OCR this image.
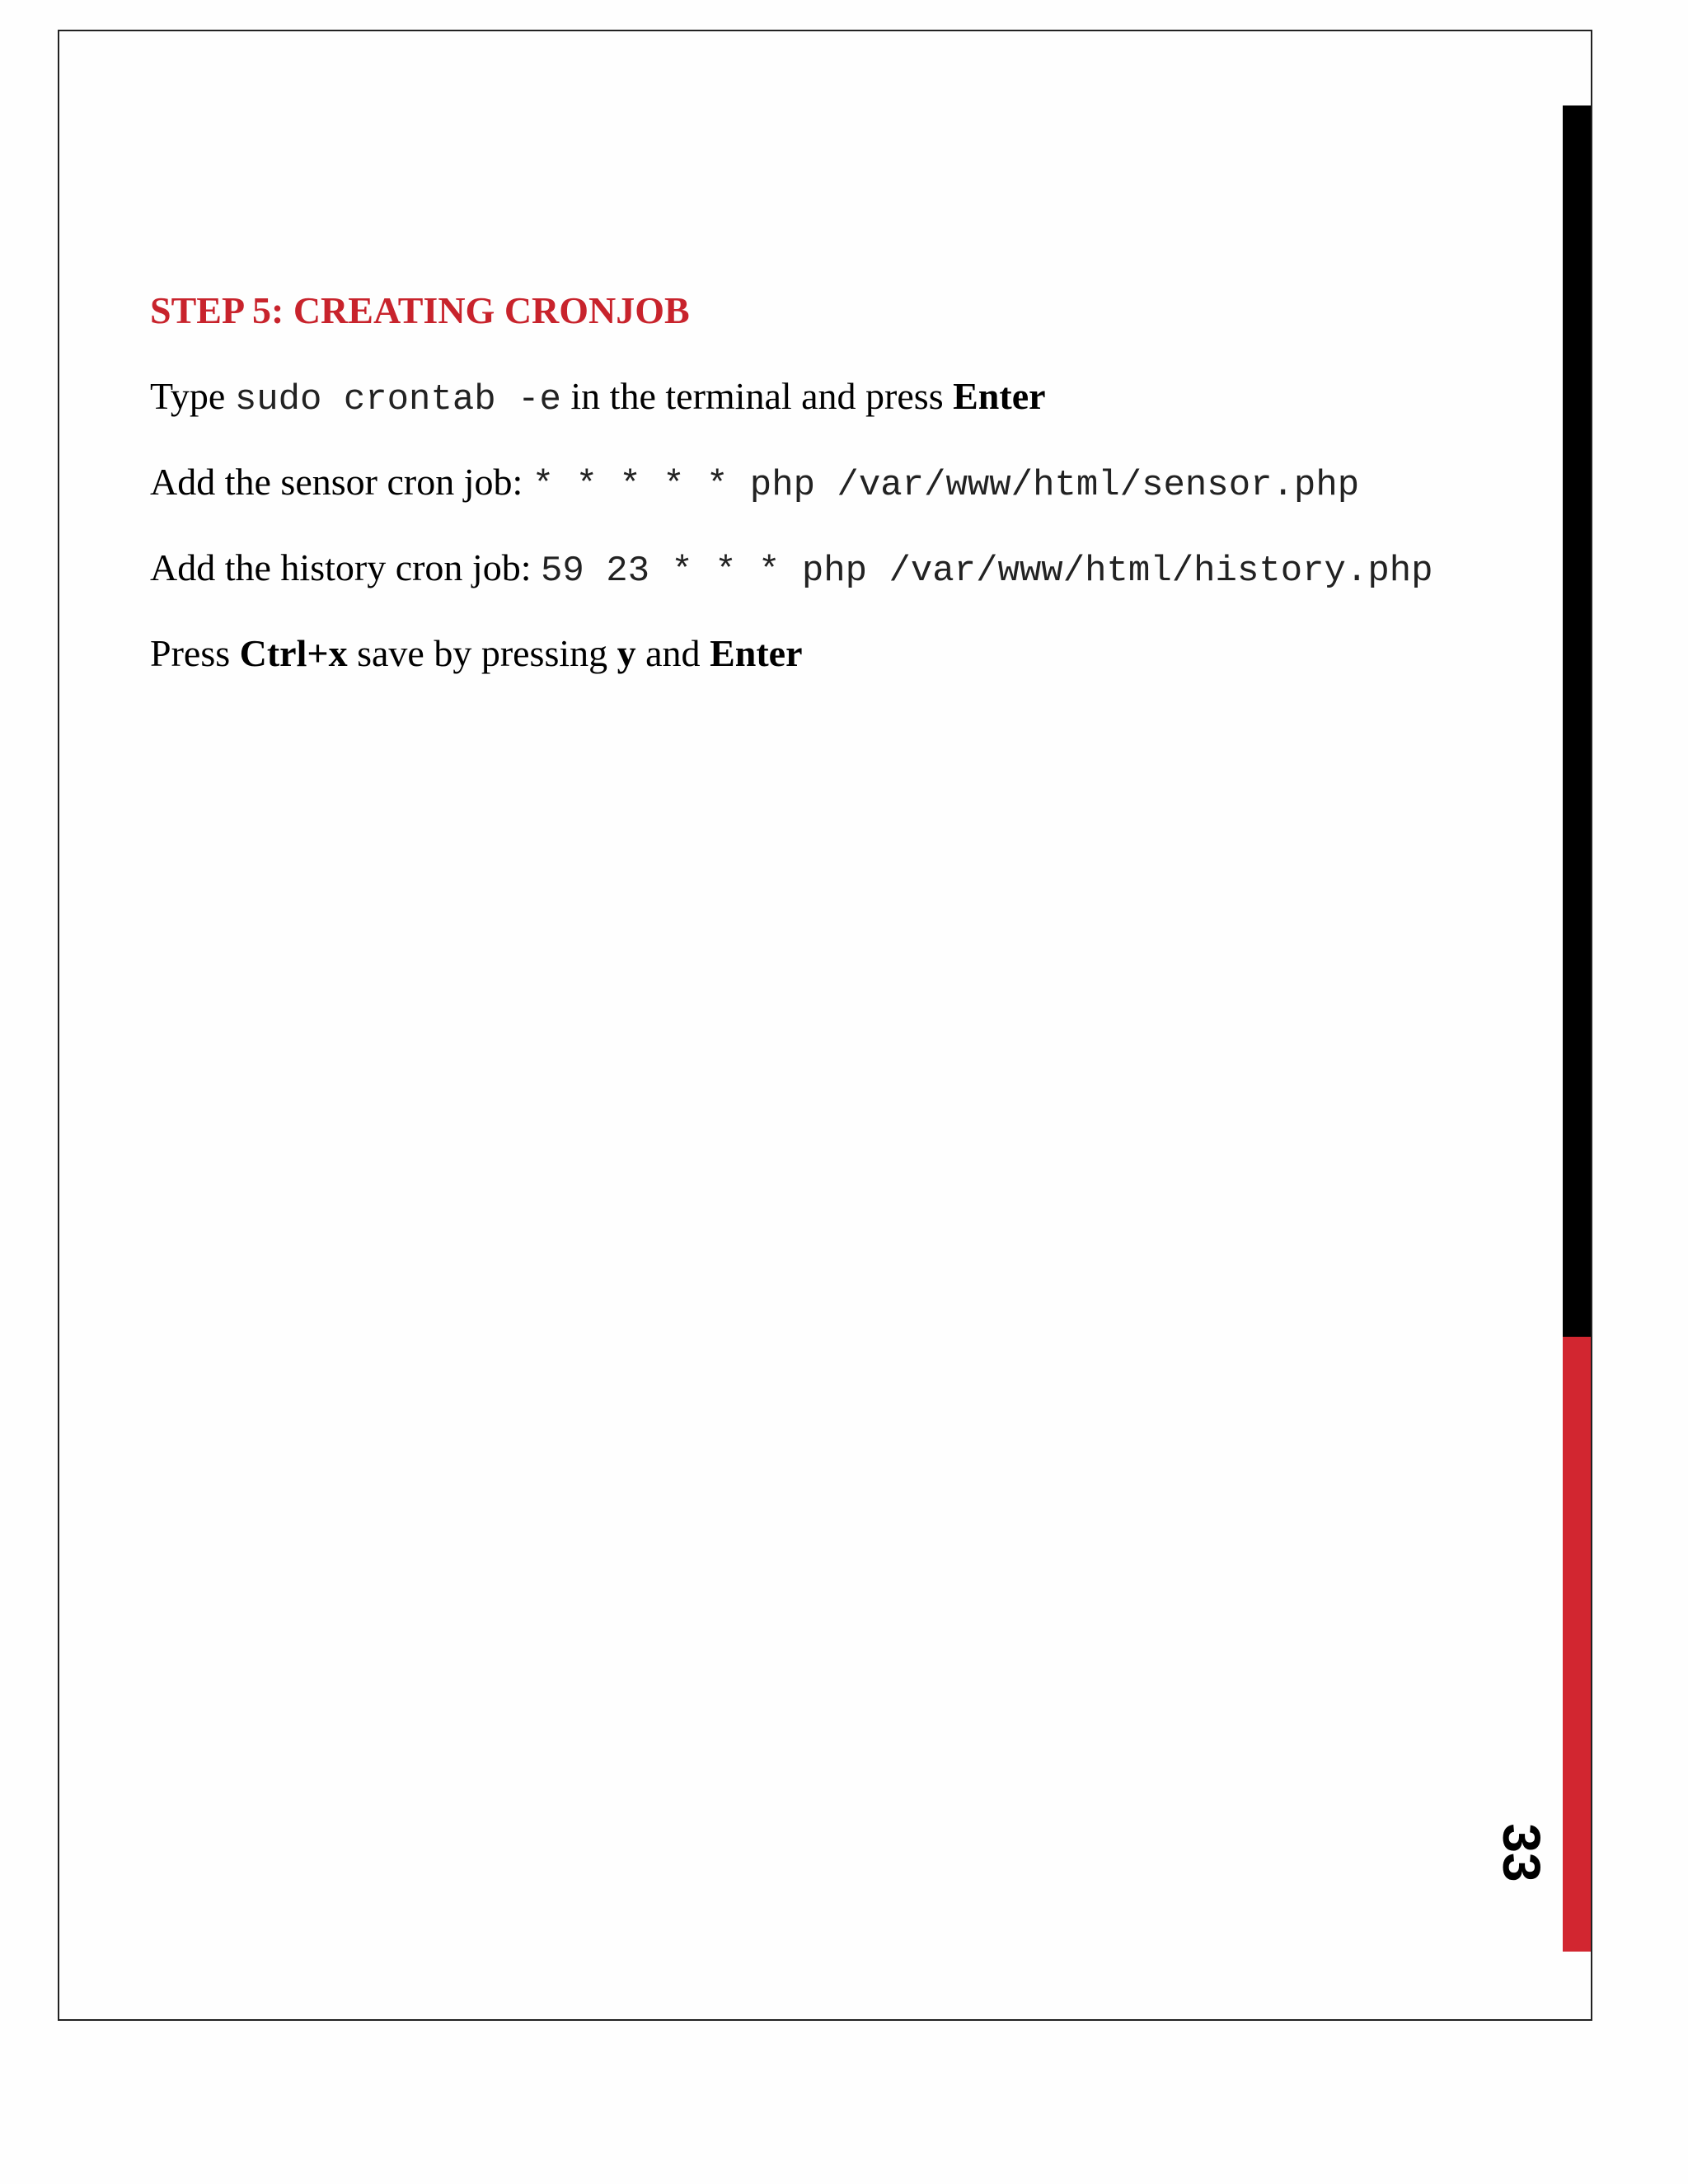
STEP 5: CREATING CRONJOB

Type sudo crontab -e in the terminal and press Enter

Add the sensor cron job: * * * * * php /var/www/html/sensor.php

Add the history cron job: 59 23 * * * php /var/www/html/history.php

Press Ctrl+x save by pressing y and Enter

33
